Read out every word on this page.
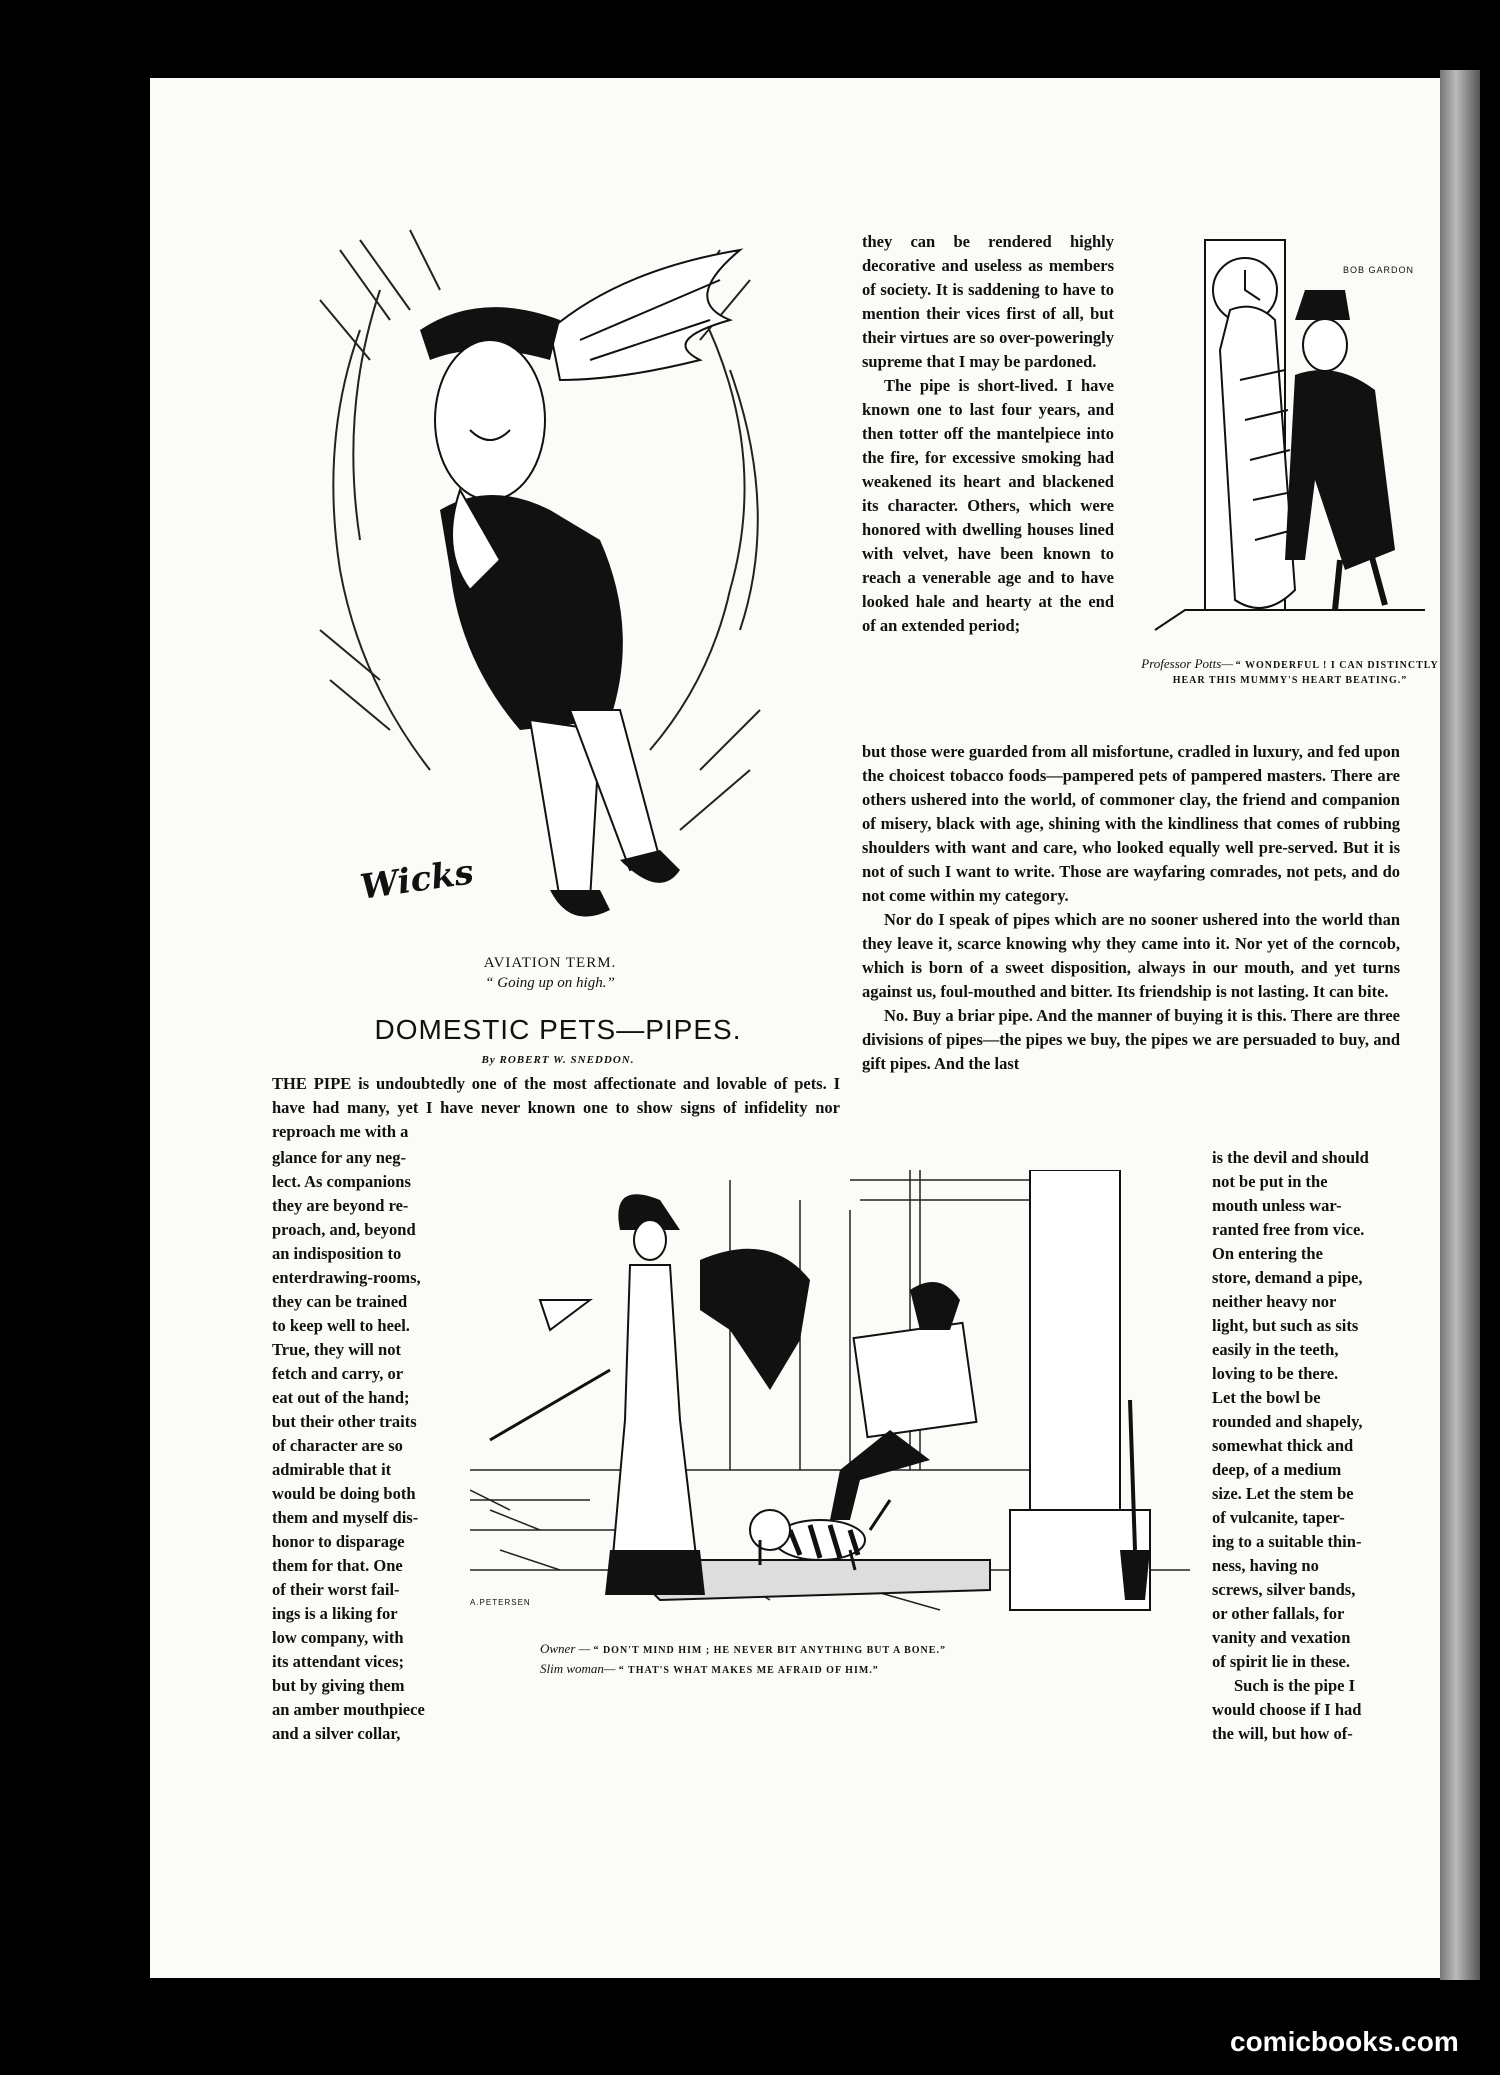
Wicks
AVIATION TERM.
“ Going up on high.”
BOB GARDON
Professor Potts— “ WONDERFUL ! I CAN DISTINCTLY HEAR THIS MUMMY'S HEART BEATING.”
DOMESTIC PETS—PIPES.
By ROBERT W. SNEDDON.

THE PIPE is undoubtedly one of the most affectionate and lovable of pets. I have had many, yet I have never known one to show signs of infidelity nor reproach me with a

glance for any neg-
lect. As companions
they are beyond re-
proach, and, beyond
an indisposition to
enterdrawing-rooms,
they can be trained
to keep well to heel.
True, they will not
fetch and carry, or
eat out of the hand;
but their other traits
of character are so
admirable that it
would be doing both
them and myself dis-
honor to disparage
them for that. One
of their worst fail-
ings is a liking for
low company, with
its attendant vices;
but by giving them
an amber mouthpiece
and a silver collar,

they can be rendered highly decorative and useless as members of society. It is saddening to have to mention their vices first of all, but their virtues are so over-poweringly supreme that I may be pardoned.

The pipe is short-lived. I have known one to last four years, and then totter off the mantelpiece into the fire, for excessive smoking had weakened its heart and blackened its character. Others, which were honored with dwelling houses lined with velvet, have been known to reach a venerable age and to have looked hale and hearty at the end of an extended period;

but those were guarded from all misfortune, cradled in luxury, and fed upon the choicest tobacco foods—pampered pets of pampered masters. There are others ushered into the world, of commoner clay, the friend and companion of misery, black with age, shining with the kindliness that comes of rubbing shoulders with want and care, who looked equally well pre-served. But it is not of such I want to write. Those are wayfaring comrades, not pets, and do not come within my category.

Nor do I speak of pipes which are no sooner ushered into the world than they leave it, scarce knowing why they came into it. Nor yet of the corncob, which is born of a sweet disposition, always in our mouth, and yet turns against us, foul-mouthed and bitter. Its friendship is not lasting. It can bite.

No. Buy a briar pipe. And the manner of buying it is this. There are three divisions of pipes—the pipes we buy, the pipes we are persuaded to buy, and gift pipes. And the last

is the devil and should
not be put in the
mouth unless war-
ranted free from vice.
On entering the
store, demand a pipe,
neither heavy nor
light, but such as sits
easily in the teeth,
loving to be there.
Let the bowl be
rounded and shapely,
somewhat thick and
deep, of a medium
size. Let the stem be
of vulcanite, taper-
ing to a suitable thin-
ness, having no
screws, silver bands,
or other fallals, for
vanity and vexation
of spirit lie in these.
Such is the pipe I
would choose if I had
the will, but how of-
A.PETERSEN
Owner — “ DON'T MIND HIM ; HE NEVER BIT ANYTHING BUT A BONE.”
Slim woman— “ THAT'S WHAT MAKES ME AFRAID OF HIM.”
comicbooks.com
